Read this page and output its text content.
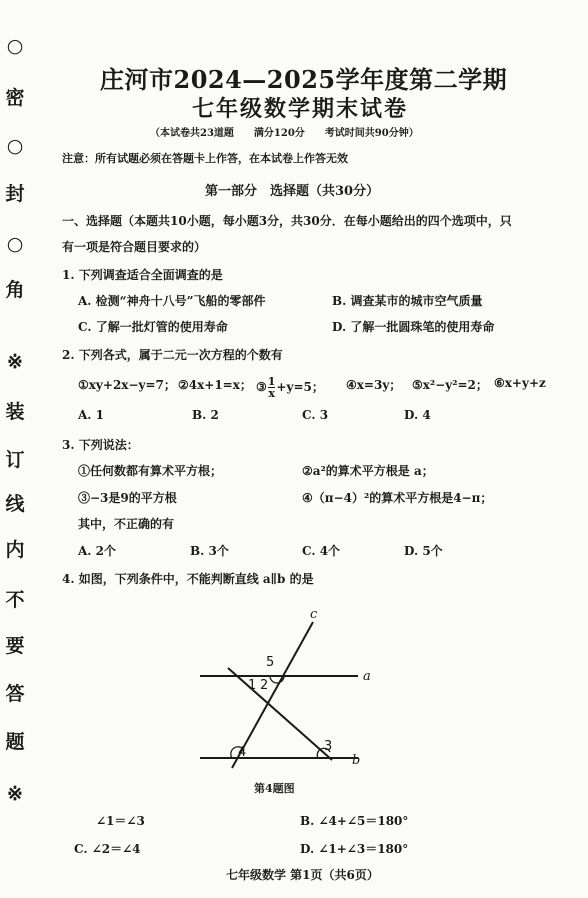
○
密
○
封
○
角
※
装
订
线
内
不
要
答
题
※
庄河市2024—2025学年度第二学期
七年级数学期末试卷
（本试卷共23道题　　满分120分　　考试时间共90分钟）
注意：所有试题必须在答题卡上作答，在本试卷上作答无效
第一部分　选择题（共30分）
一、选择题（本题共10小题，每小题3分，共30分．在每小题给出的四个选项中，只
有一项是符合题目要求的）
1. 下列调查适合全面调查的是
A. 检测“神舟十八号”飞船的零部件	B. 调查某市的城市空气质量
C. 了解一批灯管的使用寿命	D. 了解一批圆珠笔的使用寿命
2. 下列各式，属于二元一次方程的个数有
①xy+2x−y=7； ②4x+1=x； ③ $\frac{1}{x} +y=5$； ④x=3y； ⑤x²−y²=2； ⑥x+y+z
A. 1	B. 2	C. 3	D. 4
3. 下列说法：
①任何数都有算术平方根；	②a²的算术平方根是 a；
③−3是9的平方根	④（π−4）²的算术平方根是4−π；
其中，不正确的有
A. 2个	B. 3个	C. 4个	D. 5个
4. 如图，下列条件中，不能判断直线 a∥b 的是
c
a
b
5
1 2
3
4
第4题图
∠1＝∠3	B. ∠4+∠5＝180°
C. ∠2＝∠4	D. ∠1+∠3＝180°
七年级数学 第1页（共6页）
